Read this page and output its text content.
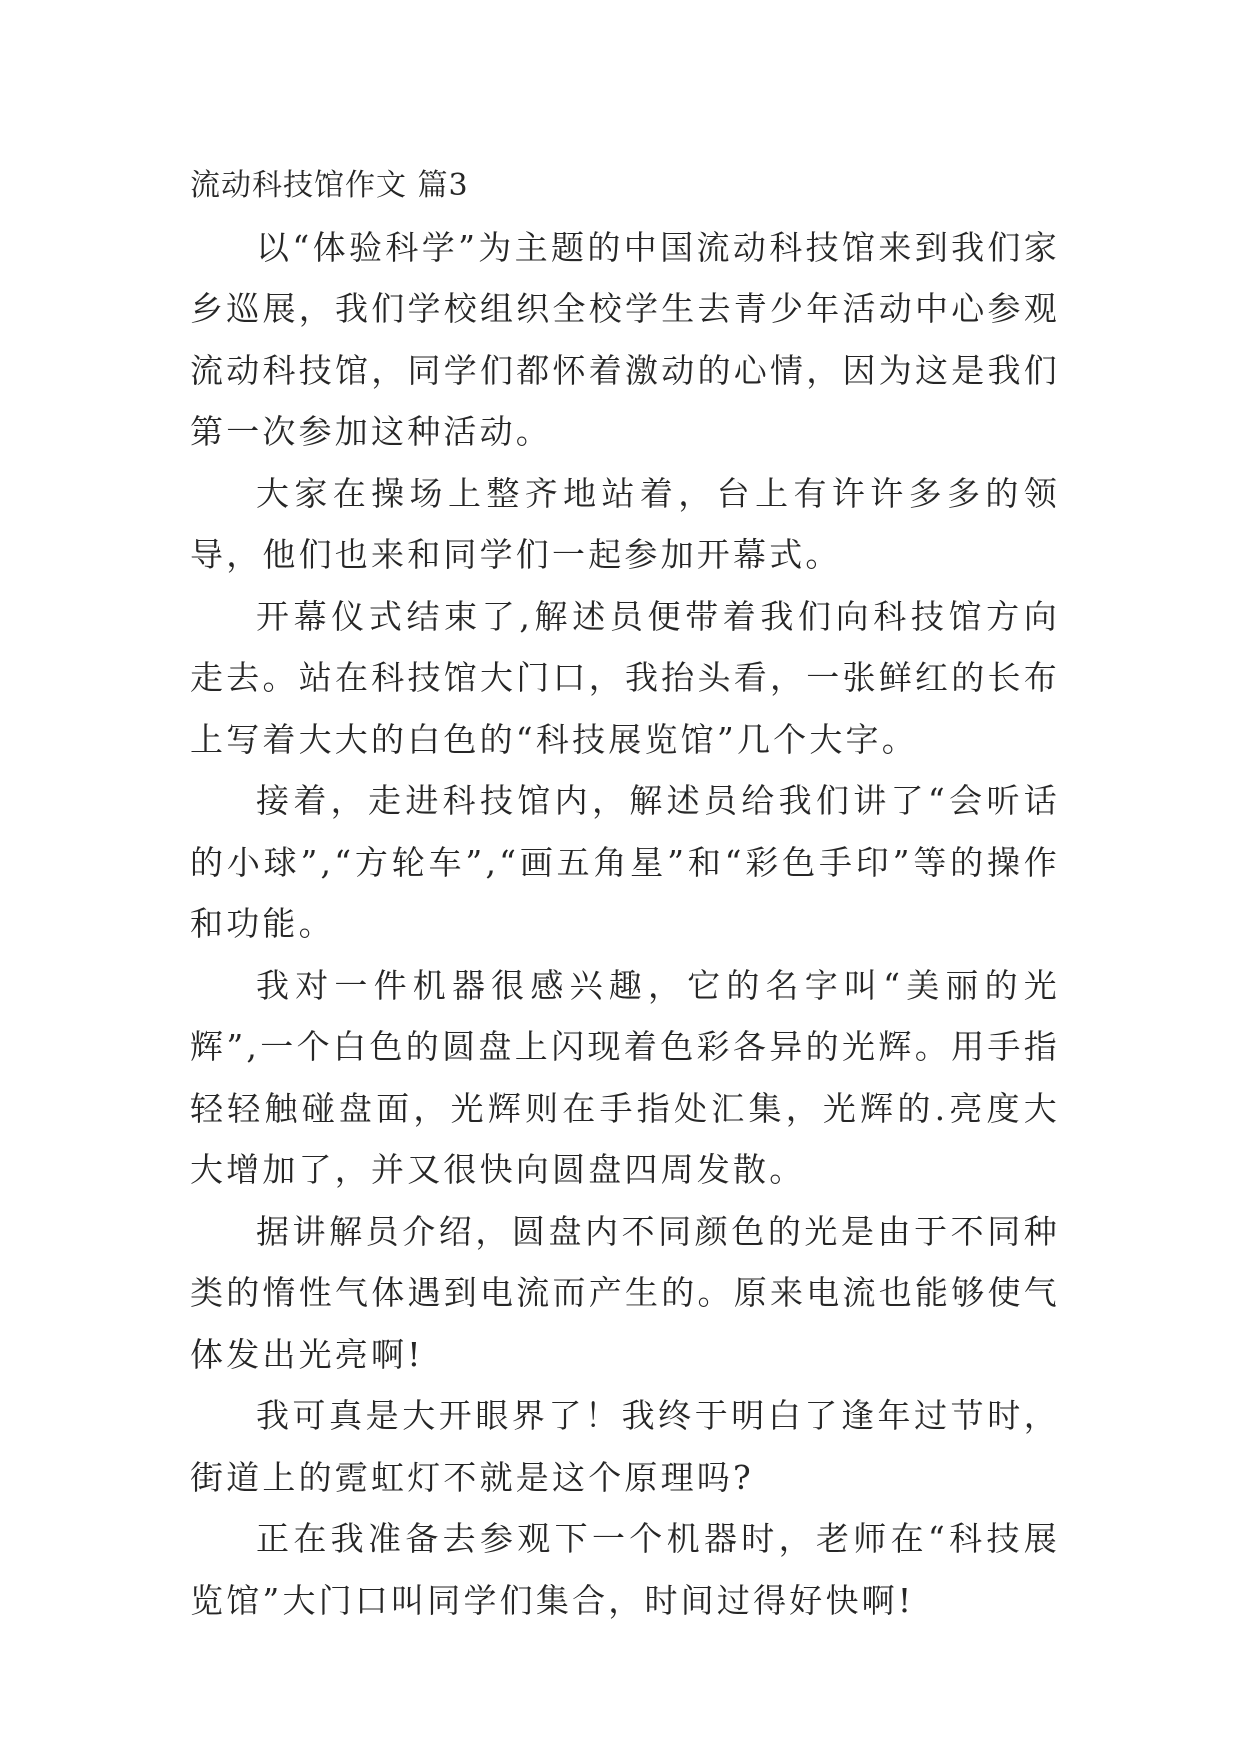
流动科技馆作文 篇3

以“体验科学”为主题的中国流动科技馆来到我们家乡巡展，我们学校组织全校学生去青少年活动中心参观流动科技馆，同学们都怀着激动的心情，因为这是我们第一次参加这种活动。

大家在操场上整齐地站着，台上有许许多多的领导，他们也来和同学们一起参加开幕式。

开幕仪式结束了,解述员便带着我们向科技馆方向走去。站在科技馆大门口，我抬头看，一张鲜红的长布上写着大大的白色的“科技展览馆”几个大字。

接着，走进科技馆内，解述员给我们讲了“会听话的小球”,“方轮车”,“画五角星”和“彩色手印”等的操作和功能。

我对一件机器很感兴趣，它的名字叫“美丽的光辉”,一个白色的圆盘上闪现着色彩各异的光辉。用手指轻轻触碰盘面，光辉则在手指处汇集，光辉的.亮度大大增加了，并又很快向圆盘四周发散。

据讲解员介绍，圆盘内不同颜色的光是由于不同种类的惰性气体遇到电流而产生的。原来电流也能够使气体发出光亮啊!

我可真是大开眼界了！我终于明白了逢年过节时，街道上的霓虹灯不就是这个原理吗?

正在我准备去参观下一个机器时，老师在“科技展览馆”大门口叫同学们集合，时间过得好快啊!
